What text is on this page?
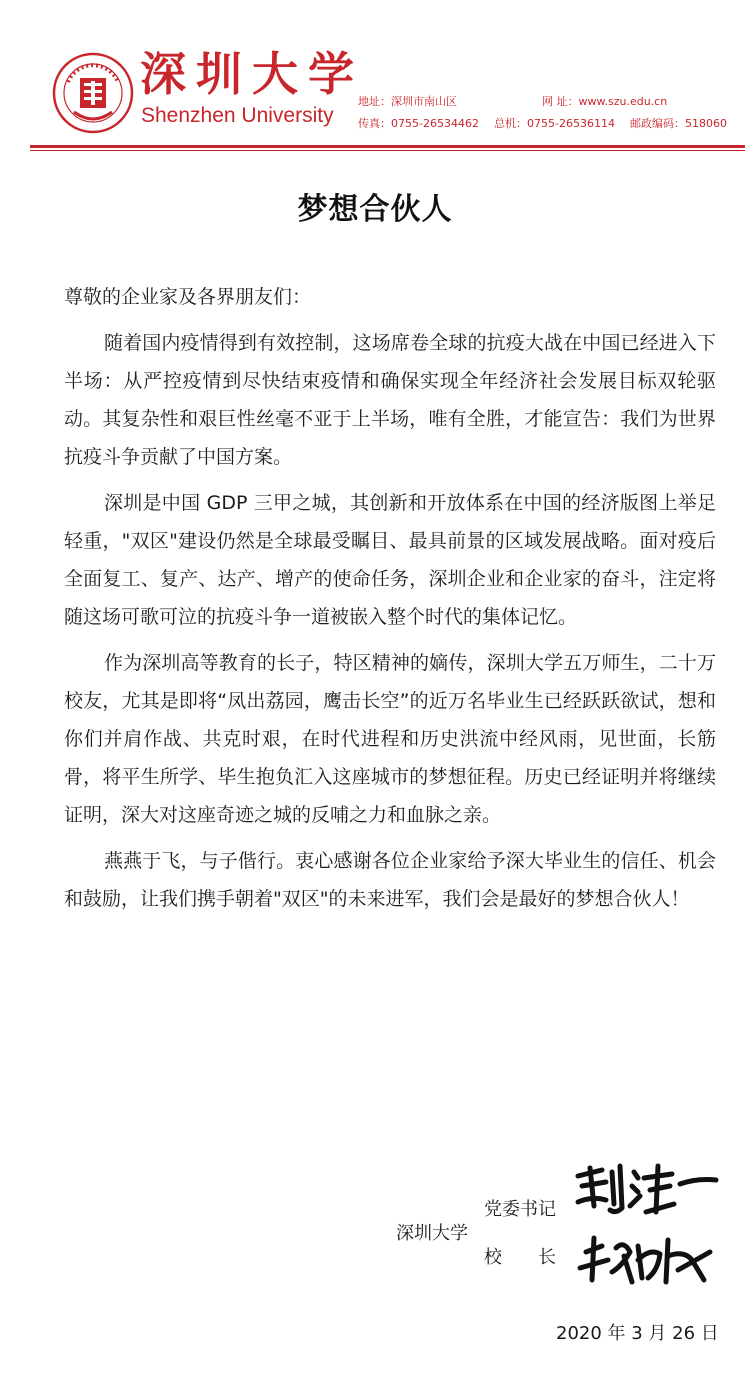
深圳大学
Shenzhen University
地址：深圳市南山区	网 址：www.szu.edu.cn
传真：0755-26534462 总机：0755-26536114 邮政编码：518060
梦想合伙人

尊敬的企业家及各界朋友们：

随着国内疫情得到有效控制，这场席卷全球的抗疫大战在中国已经进入下半场：从严控疫情到尽快结束疫情和确保实现全年经济社会发展目标双轮驱动。其复杂性和艰巨性丝毫不亚于上半场，唯有全胜，才能宣告：我们为世界抗疫斗争贡献了中国方案。

深圳是中国 GDP 三甲之城，其创新和开放体系在中国的经济版图上举足轻重，"双区"建设仍然是全球最受瞩目、最具前景的区域发展战略。面对疫后全面复工、复产、达产、增产的使命任务，深圳企业和企业家的奋斗，注定将随这场可歌可泣的抗疫斗争一道被嵌入整个时代的集体记忆。

作为深圳高等教育的长子，特区精神的嫡传，深圳大学五万师生，二十万校友，尤其是即将“凤出荔园，鹰击长空”的近万名毕业生已经跃跃欲试，想和你们并肩作战、共克时艰，在时代进程和历史洪流中经风雨，见世面，长筋骨，将平生所学、毕生抱负汇入这座城市的梦想征程。历史已经证明并将继续证明，深大对这座奇迹之城的反哺之力和血脉之亲。

燕燕于飞，与子偕行。衷心感谢各位企业家给予深大毕业生的信任、机会和鼓励，让我们携手朝着"双区"的未来进军，我们会是最好的梦想合伙人！

深圳大学
党委书记
校　　长
2020 年 3 月 26 日
